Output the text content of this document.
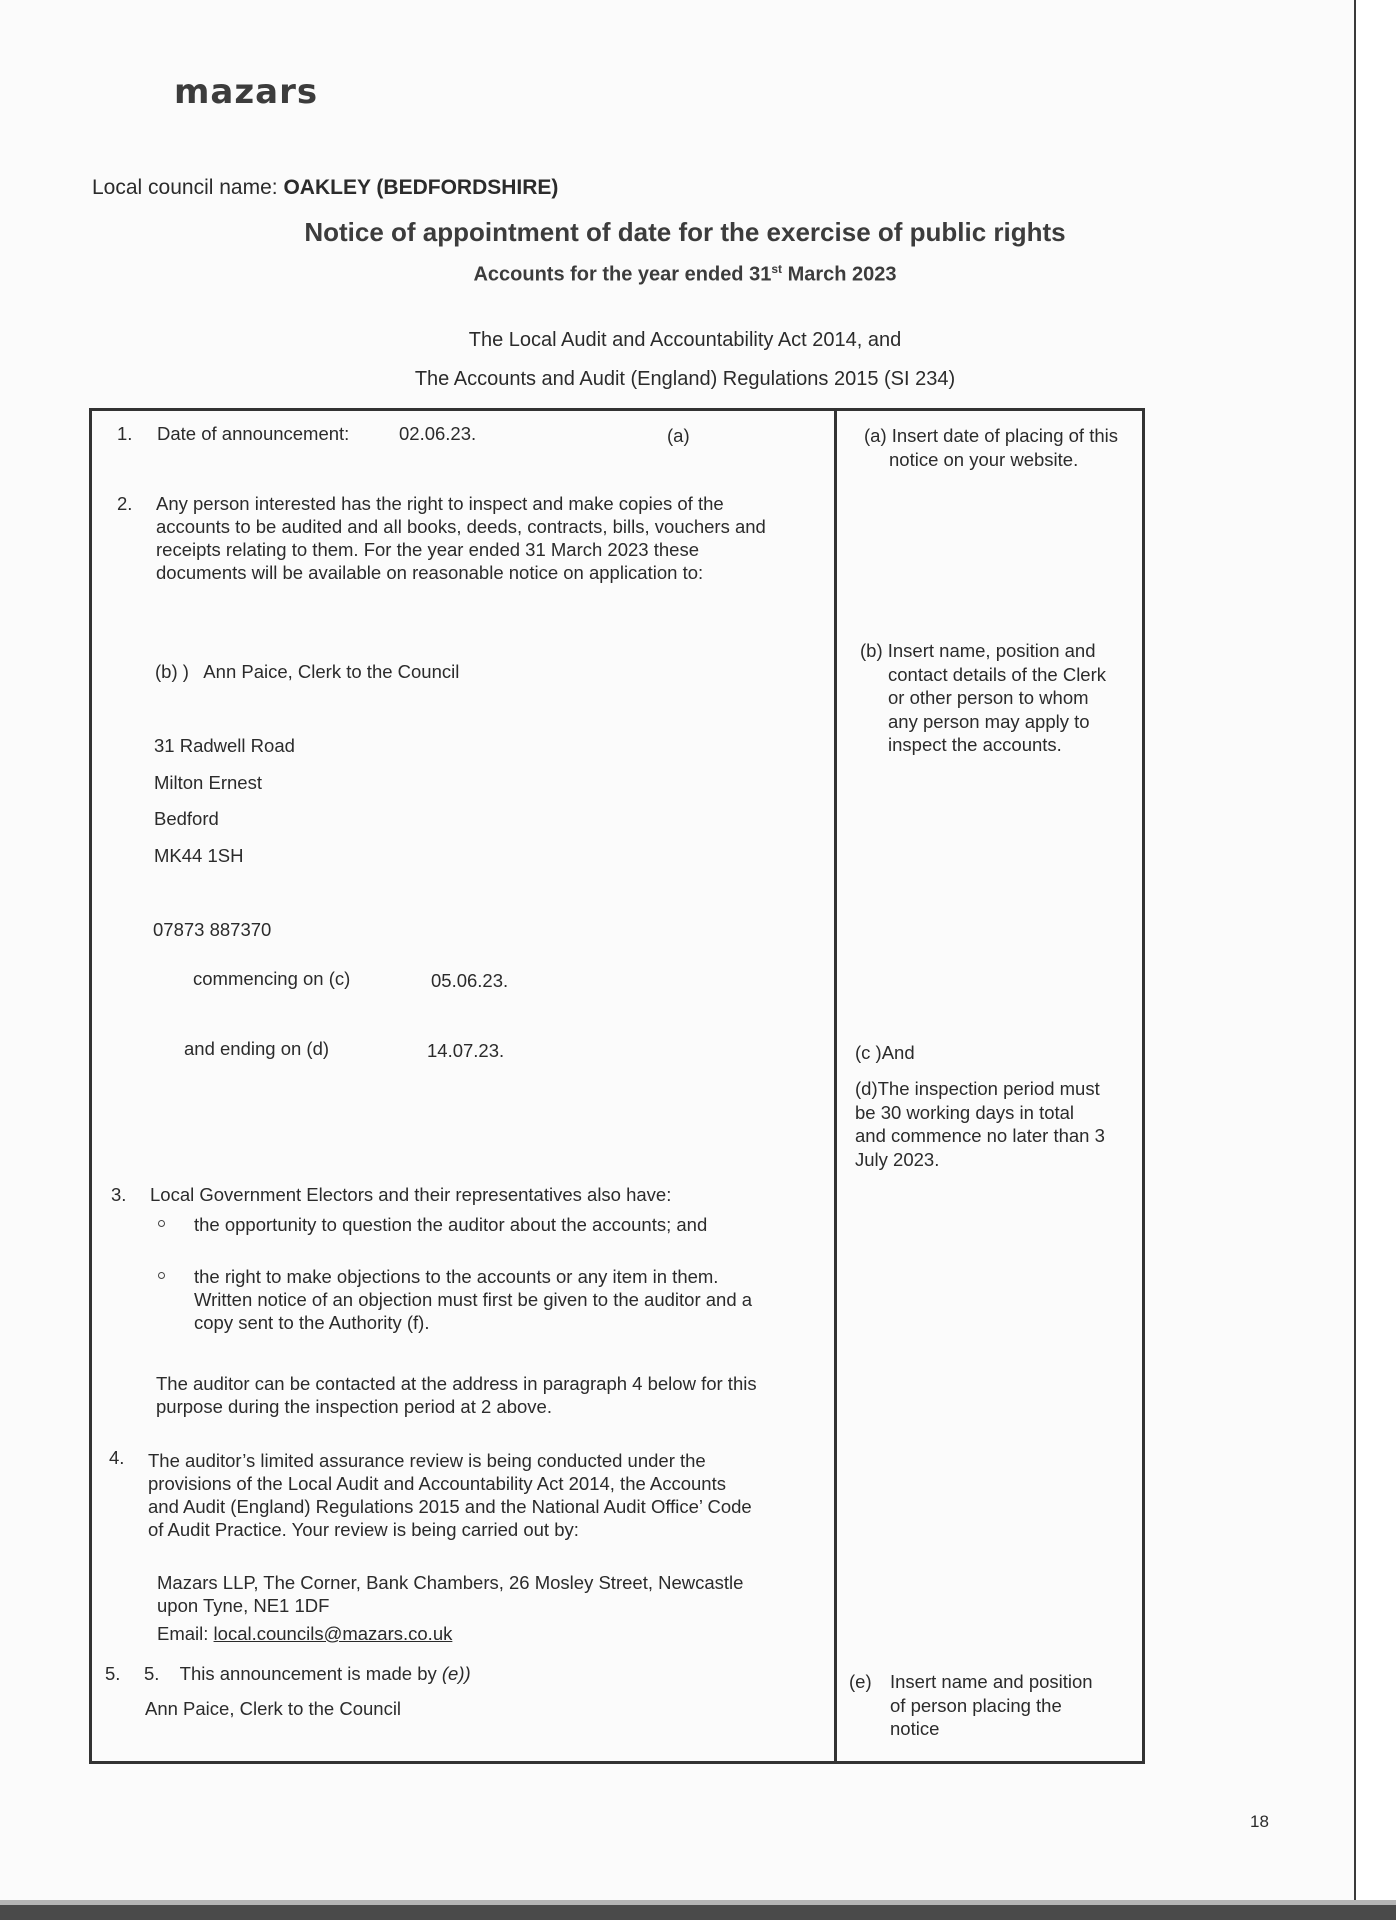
mazars
Local council name: OAKLEY (BEDFORDSHIRE)
Notice of appointment of date for the exercise of public rights
Accounts for the year ended 31st March 2023
The Local Audit and Accountability Act 2014, and
The Accounts and Audit (England) Regulations 2015 (SI 234)
1. Date of announcement:	02.06.23.	(a)
2. Any person interested has the right to inspect and make copies of the
accounts to be audited and all books, deeds, contracts, bills, vouchers and
receipts relating to them. For the year ended 31 March 2023 these
documents will be available on reasonable notice on application to:
(b) )   Ann Paice, Clerk to the Council
31 Radwell Road
Milton Ernest
Bedford
MK44 1SH
07873 887370
commencing on (c)	05.06.23.
and ending on (d)	14.07.23.
3. Local Government Electors and their representatives also have:
the opportunity to question the auditor about the accounts; and
the right to make objections to the accounts or any item in them.
Written notice of an objection must first be given to the auditor and a
copy sent to the Authority (f).
The auditor can be contacted at the address in paragraph 4 below for this
purpose during the inspection period at 2 above.
4. The auditor’s limited assurance review is being conducted under the
provisions of the Local Audit and Accountability Act 2014, the Accounts
and Audit (England) Regulations 2015 and the National Audit Office’ Code
of Audit Practice. Your review is being carried out by:
Mazars LLP, The Corner, Bank Chambers, 26 Mosley Street, Newcastle
upon Tyne, NE1 1DF
Email: local.councils@mazars.co.uk
5. 5.    This announcement is made by (e))
Ann Paice, Clerk to the Council
(a) Insert date of placing of this
notice on your website.
(b) Insert name, position and
contact details of the Clerk
or other person to whom
any person may apply to
inspect the accounts.
(c )And
(d)The inspection period must
be 30 working days in total
and commence no later than 3
July 2023.
(e) Insert name and position
of person placing the
notice
18
